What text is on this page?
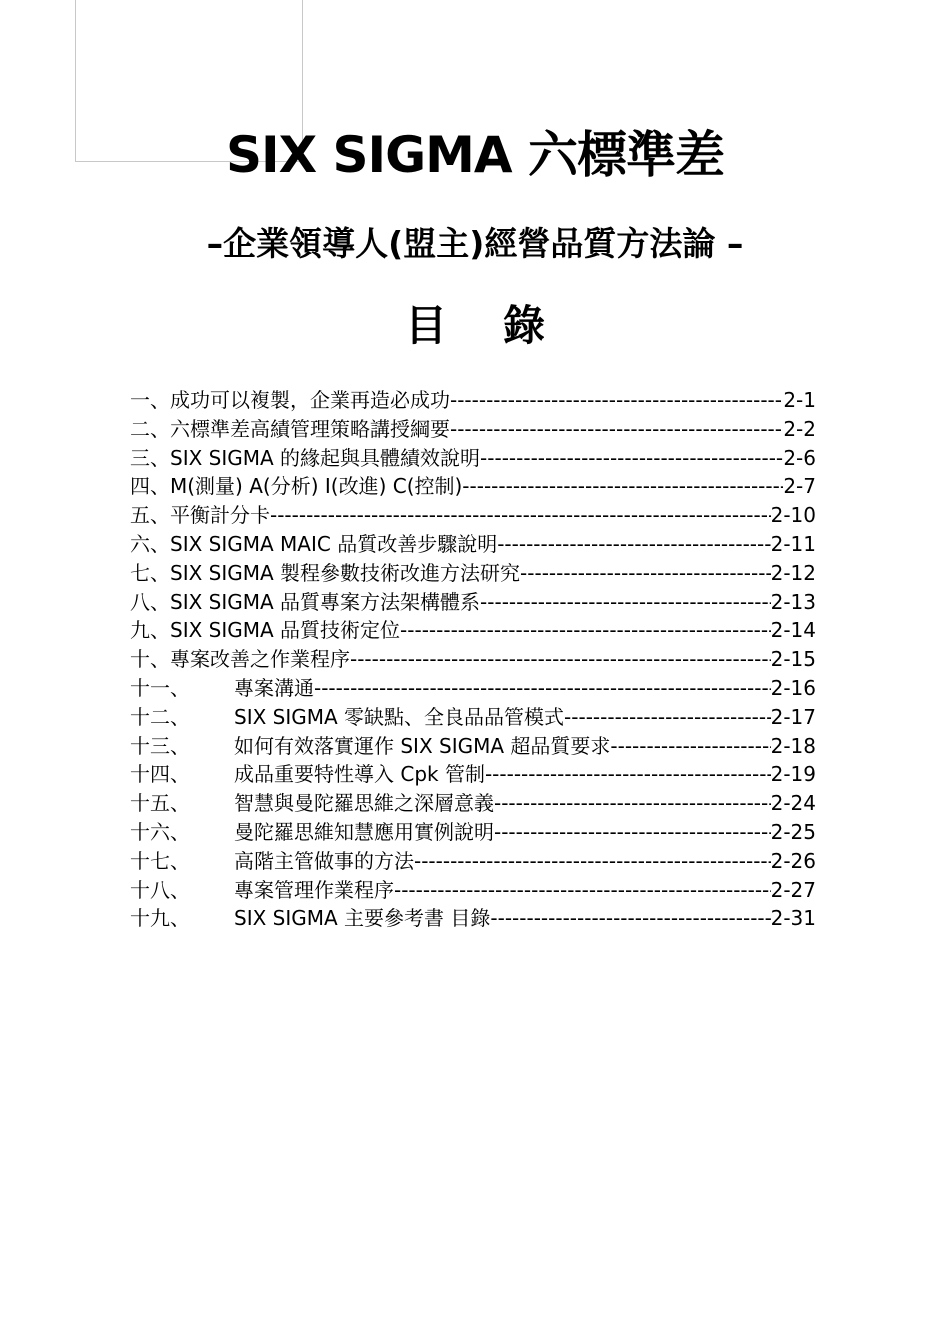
SIX SIGMA 六標準差
–企業領導人(盟主)經營品質方法論 –
目 錄
一、 成功可以複製，企業再造必成功 -----	2-1
二、 六標準差高績管理策略講授綱要 -----	2-2
三、 SIX SIGMA 的緣起與具體績效說明 -----	2-6
四、 M(測量) A(分析) I(改進) C(控制) -----	2-7
五、 平衡計分卡 -----	2-10
六、 SIX SIGMA MAIC 品質改善步驟說明 -----	2-11
七、 SIX SIGMA 製程參數技術改進方法研究 -----	2-12
八、 SIX SIGMA 品質專案方法架構體系 -----	2-13
九、 SIX SIGMA 品質技術定位 -----	2-14
十、 專案改善之作業程序 -----	2-15
十一、	專案溝通 -----	2-16
十二、	SIX SIGMA 零缺點、全良品品管模式 -----	2-17
十三、	如何有效落實運作 SIX SIGMA 超品質要求 -----	2-18
十四、	成品重要特性導入 Cpk 管制 -----	2-19
十五、	智慧與曼陀羅思維之深層意義 -----	2-24
十六、	曼陀羅思維知慧應用實例說明 -----	2-25
十七、	高階主管做事的方法 -----	2-26
十八、	專案管理作業程序 -----	2-27
十九、	SIX SIGMA 主要參考書 目錄 -----	2-31
